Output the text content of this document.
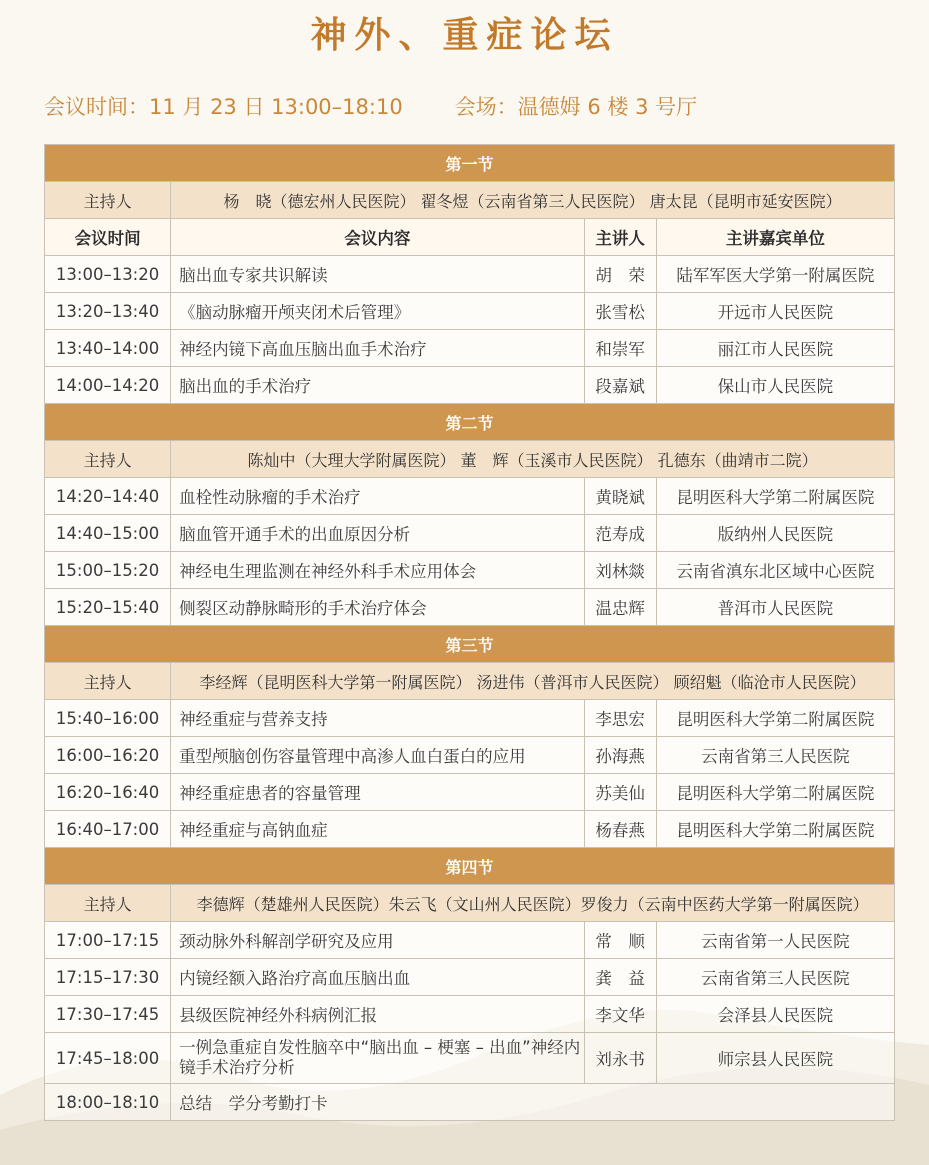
神外、重症论坛
会议时间：11 月 23 日 13:00–18:10 会场：温德姆 6 楼 3 号厅
第一节			
主持人	杨　晓（德宏州人民医院） 翟冬煜（云南省第三人民医院） 唐太昆（昆明市延安医院）		
会议时间	会议内容	主讲人	主讲嘉宾单位
13:00–13:20	脑出血专家共识解读	胡　荣	陆军军医大学第一附属医院
13:20–13:40	《脑动脉瘤开颅夹闭术后管理》	张雪松	开远市人民医院
13:40–14:00	神经内镜下高血压脑出血手术治疗	和崇军	丽江市人民医院
14:00–14:20	脑出血的手术治疗	段嘉斌	保山市人民医院
第二节			
主持人	陈灿中（大理大学附属医院） 董　辉（玉溪市人民医院） 孔德东（曲靖市二院）		
14:20–14:40	血栓性动脉瘤的手术治疗	黄晓斌	昆明医科大学第二附属医院
14:40–15:00	脑血管开通手术的出血原因分析	范寿成	版纳州人民医院
15:00–15:20	神经电生理监测在神经外科手术应用体会	刘林燚	云南省滇东北区域中心医院
15:20–15:40	侧裂区动静脉畸形的手术治疗体会	温忠辉	普洱市人民医院
第三节			
主持人	李经辉（昆明医科大学第一附属医院） 汤进伟（普洱市人民医院） 顾绍魁（临沧市人民医院）		
15:40–16:00	神经重症与营养支持	李思宏	昆明医科大学第二附属医院
16:00–16:20	重型颅脑创伤容量管理中高渗人血白蛋白的应用	孙海燕	云南省第三人民医院
16:20–16:40	神经重症患者的容量管理	苏美仙	昆明医科大学第二附属医院
16:40–17:00	神经重症与高钠血症	杨春燕	昆明医科大学第二附属医院
第四节			
主持人	李德辉（楚雄州人民医院）朱云飞（文山州人民医院）罗俊力（云南中医药大学第一附属医院）		
17:00–17:15	颈动脉外科解剖学研究及应用	常　顺	云南省第一人民医院
17:15–17:30	内镜经额入路治疗高血压脑出血	龚　益	云南省第三人民医院
17:30–17:45	县级医院神经外科病例汇报	李文华	会泽县人民医院
17:45–18:00	一例急重症自发性脑卒中“脑出血 – 梗塞 – 出血”神经内镜手术治疗分析	刘永书	师宗县人民医院
18:00–18:10	总结　学分考勤打卡		
